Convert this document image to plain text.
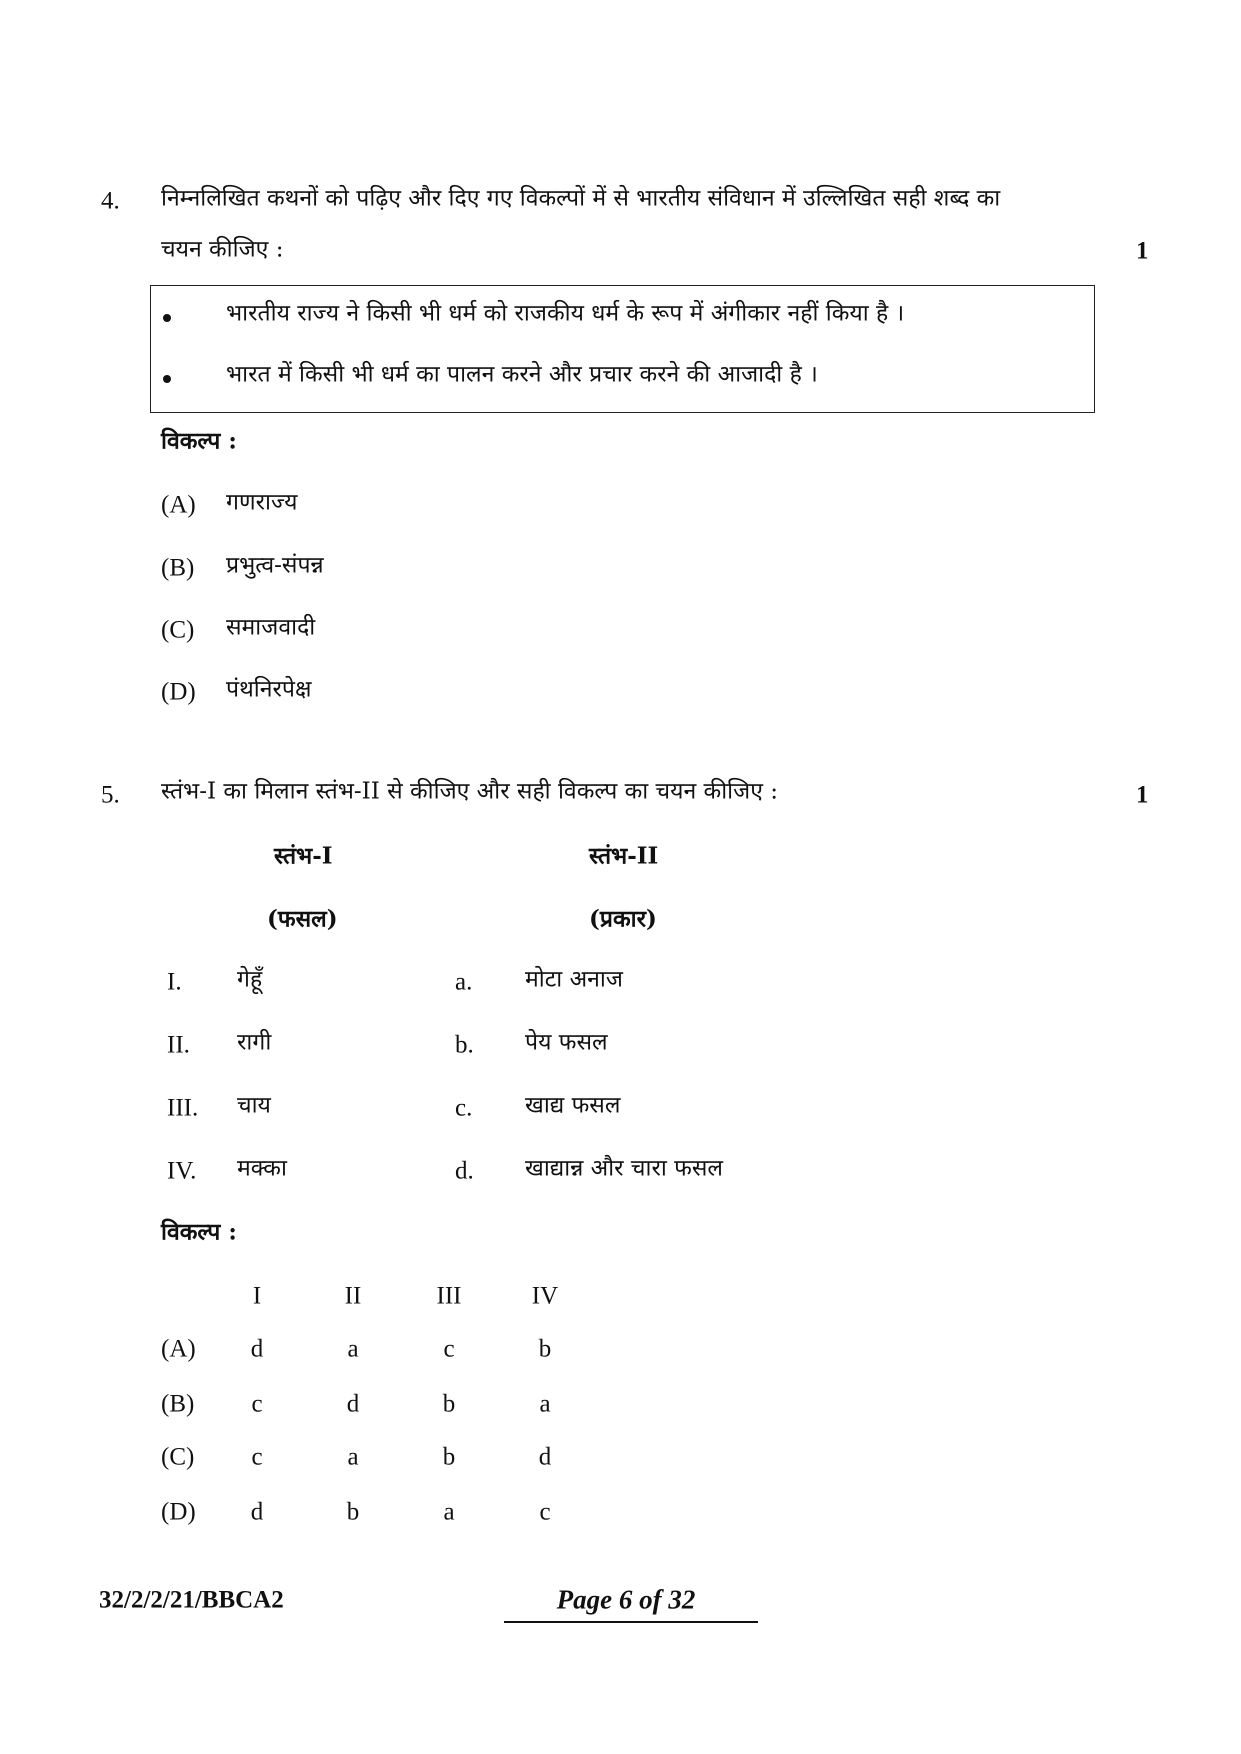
4. निम्नलिखित कथनों को पढ़िए और दिए गए विकल्पों में से भारतीय संविधान में उल्लिखित सही शब्द का
चयन कीजिए :	1
भारतीय राज्य ने किसी भी धर्म को राजकीय धर्म के रूप में अंगीकार नहीं किया है ।
भारत में किसी भी धर्म का पालन करने और प्रचार करने की आजादी है ।
विकल्प :
(A) गणराज्य
(B) प्रभुत्व-संपन्न
(C) समाजवादी
(D) पंथनिरपेक्ष
5. स्तंभ-I का मिलान स्तंभ-II से कीजिए और सही विकल्प का चयन कीजिए :	1
स्तंभ-I
(फसल)
स्तंभ-II
(प्रकार)
I. गेहूँ	a. मोटा अनाज
II. रागी	b. पेय फसल
III. चाय	c. खाद्य फसल
IV. मक्का	d. खाद्यान्न और चारा फसल
विकल्प :
I	II	III	IV
(A) d	a	c	b
(B) c	d	b	a
(C) c	a	b	d
(D) d	b	a	c
32/2/2/21/BBCA2	Page 6 of 32
